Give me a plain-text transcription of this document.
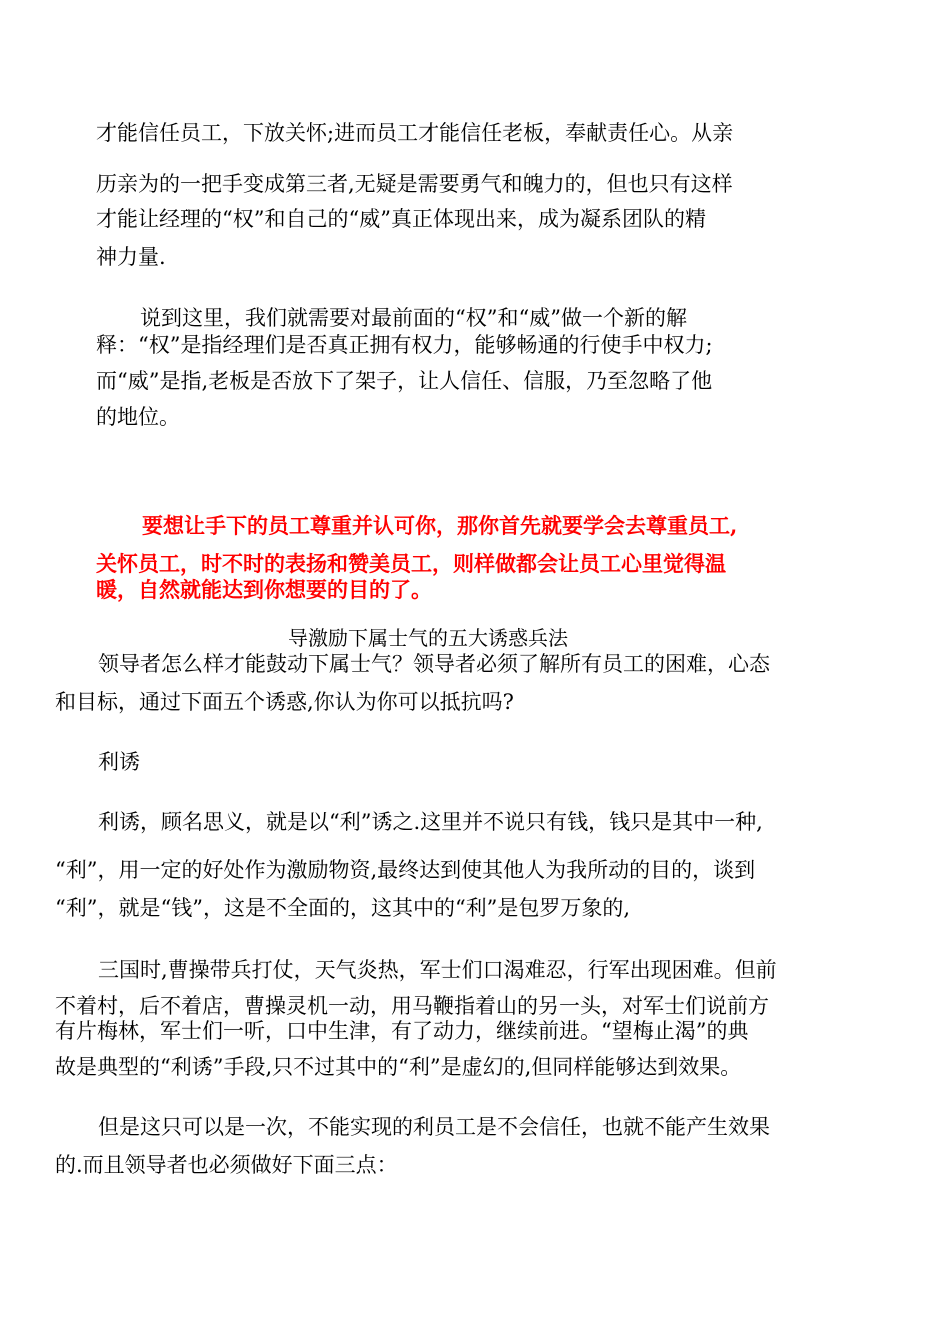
才能信任员工，下放关怀;进而员工才能信任老板，奉献责任心。从亲

历亲为的一把手变成第三者,无疑是需要勇气和魄力的，但也只有这样

才能让经理的“权”和自己的“威”真正体现出来，成为凝系团队的精

神力量.

说到这里，我们就需要对最前面的“权”和“威”做一个新的解

释：“权”是指经理们是否真正拥有权力，能够畅通的行使手中权力;

而“威”是指,老板是否放下了架子，让人信任、信服，乃至忽略了他

的地位。

要想让手下的员工尊重并认可你，那你首先就要学会去尊重员工,

关怀员工，时不时的表扬和赞美员工，则样做都会让员工心里觉得温

暖，自然就能达到你想要的目的了。

导激励下属士气的五大诱惑兵法

领导者怎么样才能鼓动下属士气？领导者必须了解所有员工的困难，心态

和目标，通过下面五个诱惑,你认为你可以抵抗吗?

利诱

利诱，顾名思义，就是以“利”诱之.这里并不说只有钱，钱只是其中一种,

“利”，用一定的好处作为激励物资,最终达到使其他人为我所动的目的，谈到

“利”，就是“钱”，这是不全面的，这其中的“利”是包罗万象的,

三国时,曹操带兵打仗，天气炎热，军士们口渴难忍，行军出现困难。但前

不着村，后不着店，曹操灵机一动，用马鞭指着山的另一头，对军士们说前方

有片梅林，军士们一听，口中生津，有了动力，继续前进。“望梅止渴”的典

故是典型的“利诱”手段,只不过其中的“利”是虚幻的,但同样能够达到效果。

但是这只可以是一次，不能实现的利员工是不会信任，也就不能产生效果

的.而且领导者也必须做好下面三点：
